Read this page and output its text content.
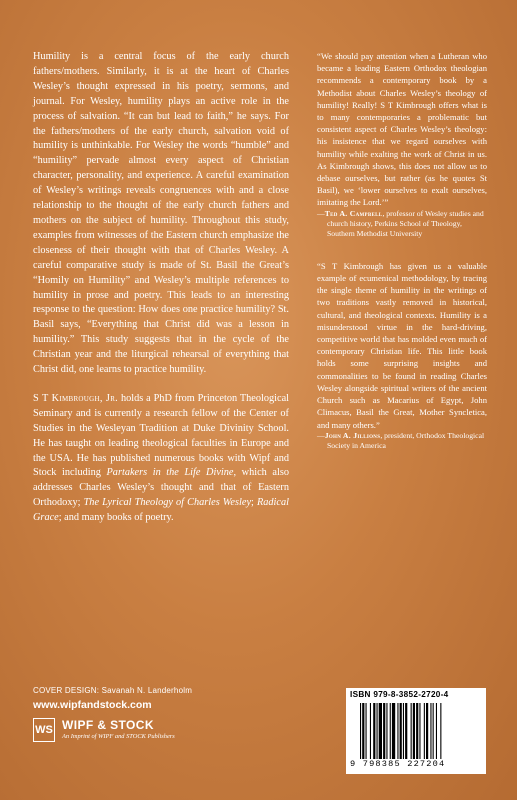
Humility is a central focus of the early church fathers/mothers. Similarly, it is at the heart of Charles Wesley’s thought expressed in his poetry, sermons, and journal. For Wesley, humility plays an active role in the process of salvation. “It can but lead to faith,” he says. For the fathers/mothers of the early church, salvation void of humility is unthinkable. For Wesley the words “humble” and “humility” pervade almost every aspect of Christian character, personality, and experience. A careful examination of Wesley’s writings reveals congruences with and a close relationship to the thought of the early church fathers and mothers on the subject of humility. Throughout this study, examples from witnesses of the Eastern church emphasize the closeness of their thought with that of Charles Wesley. A careful comparative study is made of St. Basil the Great’s “Homily on Humility” and Wesley’s multiple references to humility in prose and poetry. This leads to an interesting response to the question: How does one practice humility? St. Basil says, “Everything that Christ did was a lesson in humility.” This study suggests that in the cycle of the Christian year and the liturgical rehearsal of everything that Christ did, one learns to practice humility.

S T Kimbrough, Jr. holds a PhD from Princeton Theological Seminary and is currently a research fellow of the Center of Studies in the Wesleyan Tradition at Duke Divinity School. He has taught on leading theological faculties in Europe and the USA. He has published numerous books with Wipf and Stock including Partakers in the Life Divine, which also addresses Charles Wesley’s thought and that of Eastern Orthodoxy; The Lyrical Theology of Charles Wesley; Radical Grace; and many books of poetry.

“We should pay attention when a Lutheran who became a leading Eastern Orthodox theologian recommends a contemporary book by a Methodist about Charles Wesley’s theology of humility! Really! S T Kimbrough offers what is to many contemporaries a problematic but consistent aspect of Charles Wesley’s theology: his insistence that we regard ourselves with humility while exalting the work of Christ in us. As Kimbrough shows, this does not allow us to debase ourselves, but rather (as he quotes St Basil), we ‘lower ourselves to exalt ourselves, imitating the Lord.’”

—Ted A. Campbell, professor of Wesley studies and church history, Perkins School of Theology, Southern Methodist University

“S T Kimbrough has given us a valuable example of ecumenical methodology, by tracing the single theme of humility in the writings of two traditions vastly removed in historical, cultural, and theological contexts. Humility is a misunderstood virtue in the hard-driving, competitive world that has molded even much of contemporary Christian life. This little book holds some surprising insights and commonalities to be found in reading Charles Wesley alongside spiritual writers of the ancient Church such as Macarius of Egypt, John Climacus, Basil the Great, Mother Syncletica, and many others.”

—John A. Jillions, president, Orthodox Theological Society in America

COVER DESIGN: Savanah N. Landerholm
www.wipfandstock.com
WS WIPF & STOCK
An Imprint of WIPF and STOCK Publishers
ISBN 979-8-3852-2720-4
9 798385 227204
